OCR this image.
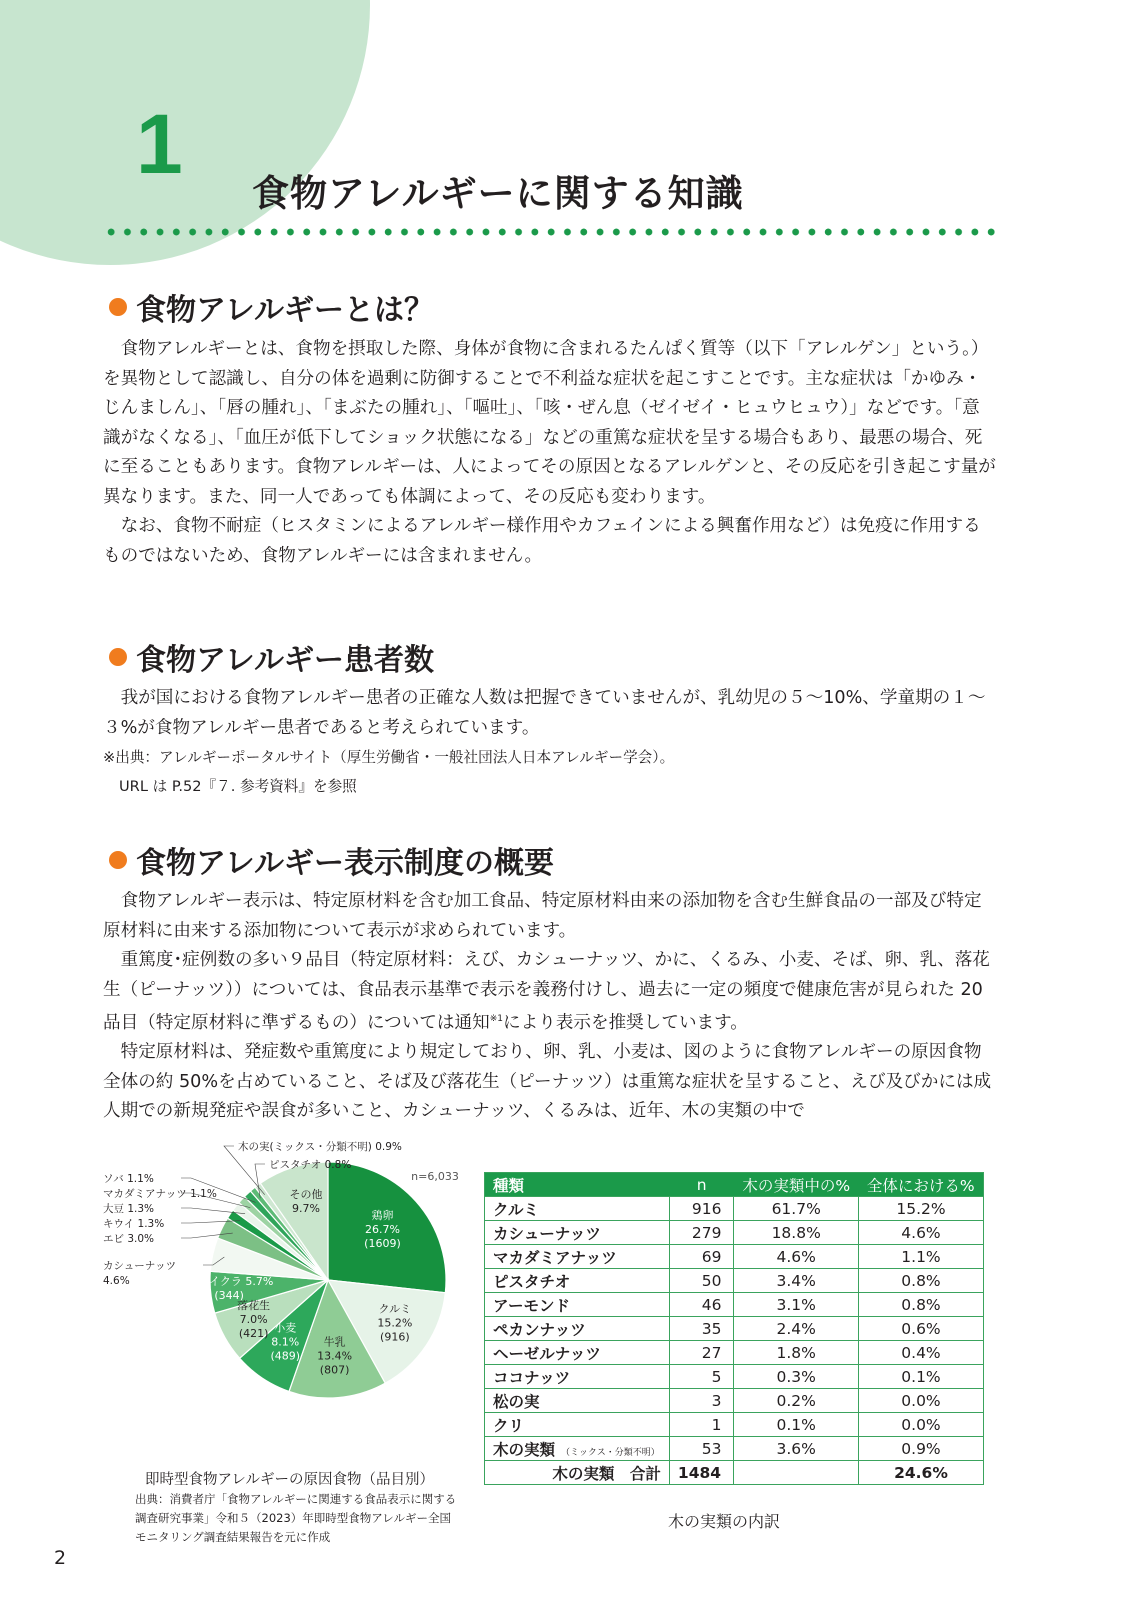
1
食物アレルギーに関する知識
食物アレルギーとは？

食物アレルギーとは、食物を摂取した際、身体が食物に含まれるたんぱく質等（以下「アレルゲン」という。）を異物として認識し、自分の体を過剰に防御することで不利益な症状を起こすことです。主な症状は「かゆみ・じんましん」、「唇の腫れ」、「まぶたの腫れ」、「嘔吐」、「咳・ぜん息（ゼイゼイ・ヒュウヒュウ）」などです。「意識がなくなる」、「血圧が低下してショック状態になる」などの重篤な症状を呈する場合もあり、最悪の場合、死に至ることもあります。食物アレルギーは、人によってその原因となるアレルゲンと、その反応を引き起こす量が異なります。また、同一人であっても体調によって、その反応も変わります。

なお、食物不耐症（ヒスタミンによるアレルギー様作用やカフェインによる興奮作用など）は免疫に作用するものではないため、食物アレルギーには含まれません。

食物アレルギー患者数

我が国における食物アレルギー患者の正確な人数は把握できていませんが、乳幼児の５～10%、学童期の１～３%が食物アレルギー患者であると考えられています。

※出典：アレルギーポータルサイト（厚生労働省・一般社団法人日本アレルギー学会）。
URL は P.52『７. 参考資料』を参照
食物アレルギー表示制度の概要

食物アレルギー表示は、特定原材料を含む加工食品、特定原材料由来の添加物を含む生鮮食品の一部及び特定原材料に由来する添加物について表示が求められています。

重篤度･症例数の多い９品目（特定原材料：えび、カシューナッツ、かに、くるみ、小麦、そば、卵、乳、落花生（ピーナッツ））については、食品表示基準で表示を義務付けし、過去に一定の頻度で健康危害が見られた 20 品目（特定原材料に準ずるもの）については通知$^{※1}$により表示を推奨しています。

特定原材料は、発症数や重篤度により規定しており、卵、乳、小麦は、図のように食物アレルギーの原因食物全体の約 50%を占めていること、そば及び落花生（ピーナッツ）は重篤な症状を呈すること、えび及びかには成人期での新規発症や誤食が多いこと、カシューナッツ、くるみは、近年、木の実類の中で

鶏卵
26.7%
(1609)
クルミ
15.2%
(916)
牛乳
13.4%
(807)
小麦
8.1%
(489)
落花生
7.0%
(421)
イクラ 5.7%
(344)
その他
9.7%
n=6,033
木の実(ミックス・分類不明) 0.9%
ピスタチオ 0.8%
ソバ 1.1%
マカダミアナッツ 1.1%
大豆 1.3%
キウイ 1.3%
エビ 3.0%
カシューナッツ
4.6%
即時型食物アレルギーの原因食物（品目別）
出典：消費者庁「食物アレルギーに関連する食品表示に関する調査研究事業」令和５（2023）年即時型食物アレルギー全国モニタリング調査結果報告を元に作成
種類	n	木の実類中の%	全体における%
クルミ	916	61.7%	15.2%
カシューナッツ	279	18.8%	4.6%
マカダミアナッツ	69	4.6%	1.1%
ピスタチオ	50	3.4%	0.8%
アーモンド	46	3.1%	0.8%
ペカンナッツ	35	2.4%	0.6%
ヘーゼルナッツ	27	1.8%	0.4%
ココナッツ	5	0.3%	0.1%
松の実	3	0.2%	0.0%
クリ	1	0.1%	0.0%
木の実類 （ミックス・分類不明）	53	3.6%	0.9%
木の実類　合計	1484		24.6%
木の実類の内訳
2
